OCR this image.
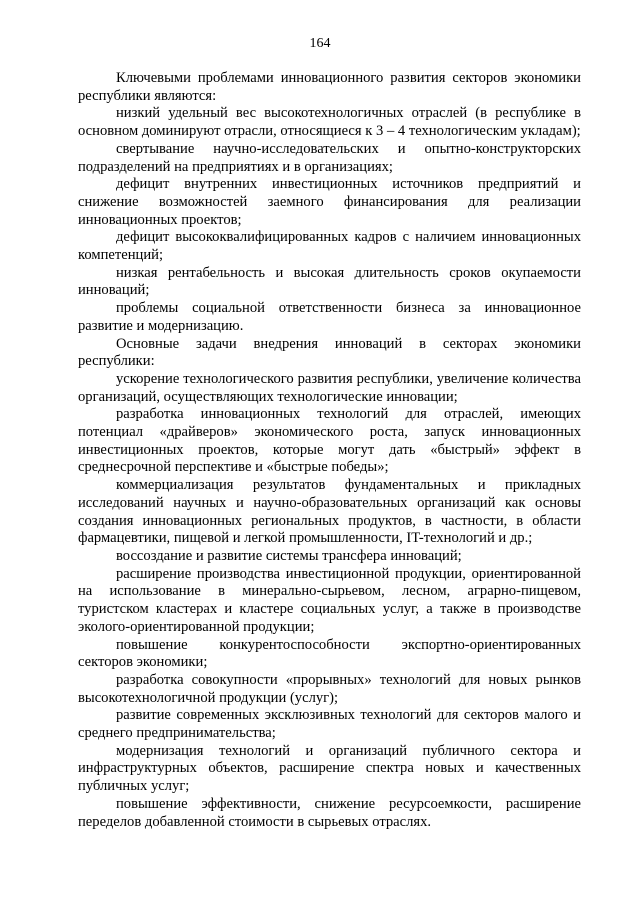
164

Ключевыми проблемами инновационного развития секторов экономики республики являются:

низкий удельный вес высокотехнологичных отраслей (в республике в основном доминируют отрасли, относящиеся к 3 – 4 технологическим укладам);

свертывание научно-исследовательских и опытно-конструкторских подразделений на предприятиях и в организациях;

дефицит внутренних инвестиционных источников предприятий и снижение возможностей заемного финансирования для реализации инновационных проектов;

дефицит высококвалифицированных кадров с наличием инновационных компетенций;

низкая рентабельность и высокая длительность сроков окупаемости инноваций;

проблемы социальной ответственности бизнеса за инновационное развитие и модернизацию.

Основные задачи внедрения инноваций в секторах экономики республики:

ускорение технологического развития республики, увеличение количества организаций, осуществляющих технологические инновации;

разработка инновационных технологий для отраслей, имеющих потенциал «драйверов» экономического роста, запуск инновационных инвестиционных проектов, которые могут дать «быстрый» эффект в среднесрочной перспективе и «быстрые победы»;

коммерциализация результатов фундаментальных и прикладных исследований научных и научно-образовательных организаций как основы создания инновационных региональных продуктов, в частности, в области фармацевтики, пищевой и легкой промышленности, IT-технологий и др.;

воссоздание и развитие системы трансфера инноваций;

расширение производства инвестиционной продукции, ориентированной на использование в минерально-сырьевом, лесном, аграрно-пищевом, туристском кластерах и кластере социальных услуг, а также в производстве эколого-ориентированной продукции;

повышение конкурентоспособности экспортно-ориентированных секторов экономики;

разработка совокупности «прорывных» технологий для новых рынков высокотехнологичной продукции (услуг);

развитие современных эксклюзивных технологий для секторов малого и среднего предпринимательства;

модернизация технологий и организаций публичного сектора и инфраструктурных объектов, расширение спектра новых и качественных публичных услуг;

повышение эффективности, снижение ресурсоемкости, расширение переделов добавленной стоимости в сырьевых отраслях.
